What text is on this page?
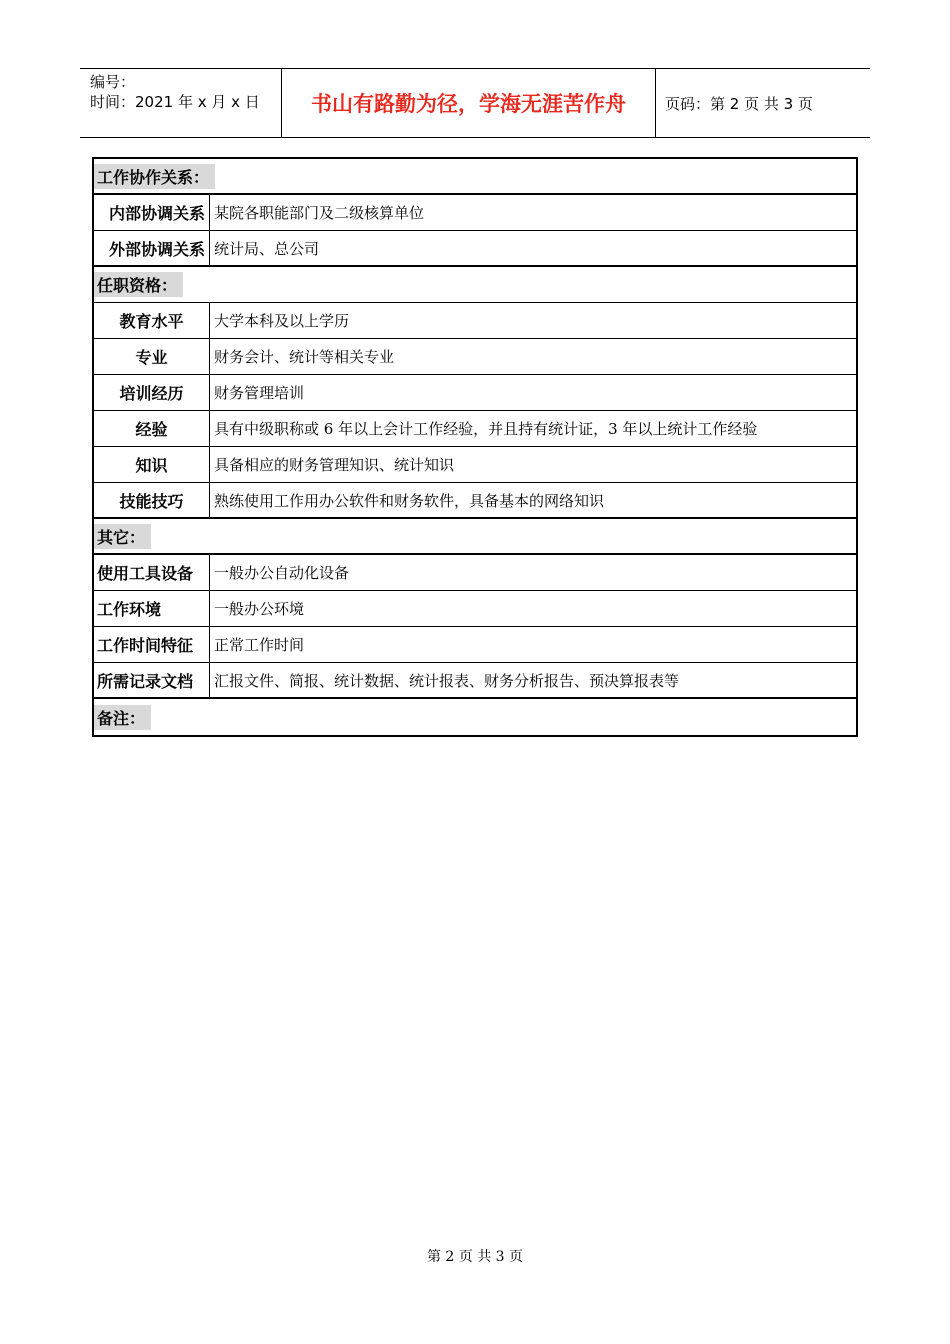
编号：
时间：2021 年 x 月 x 日 书山有路勤为径，学海无涯苦作舟	页码：第 2 页 共 3 页
工作协作关系：
内部协调关系 某院各职能部门及二级核算单位
外部协调关系 统计局、总公司
任职资格：
教育水平	大学本科及以上学历
专业	财务会计、统计等相关专业
培训经历	财务管理培训
经验	具有中级职称或 6 年以上会计工作经验，并且持有统计证，3 年以上统计工作经验
知识	具备相应的财务管理知识、统计知识
技能技巧	熟练使用工作用办公软件和财务软件，具备基本的网络知识
其它：
使用工具设备	一般办公自动化设备
工作环境	一般办公环境
工作时间特征	正常工作时间
所需记录文档	汇报文件、简报、统计数据、统计报表、财务分析报告、预决算报表等
备注：
第 2 页 共 3 页
